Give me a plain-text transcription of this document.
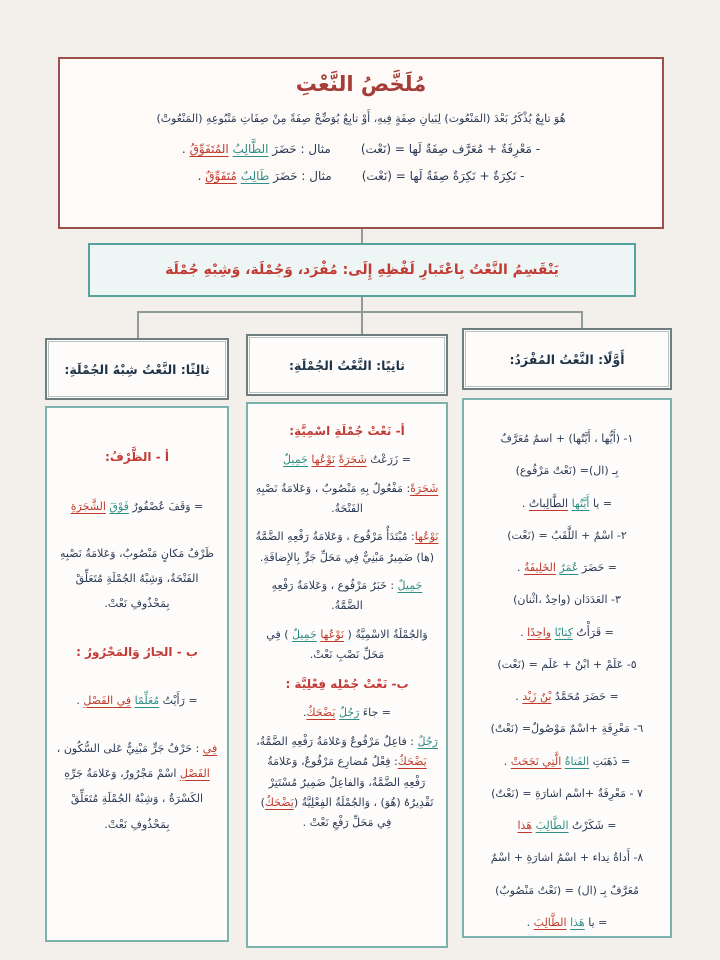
مُلَخَّصُ النَّعْتِ
هُوَ تابِعٌ يُذْكَرُ بَعْدَ (المَنْعُوت) لِبَيانِ صِفَةٍ فِيهِ، أَوْ تابِعٌ يُوَضِّحْ صِفَةً مِنْ صِفَاتِ مَتْبُوعِهِ (المَنْعُوتْ)
- مَعْرِفَةٌ + مُعَرَّف صِفَةٌ لَها = (نَعْت)مثال : حَضَرَ الطَّالِبُ المُتَفَوِّقُ .
- نَكِرَةٌ + نَكِرَةٌ صِفَةٌ لَها = (نَعْت)مثال : حَضَرَ طَالِبٌ مُتَفَوِّقٌ .
يَنْقَسِمُ النَّعْتُ بِاعْتَبارِ لَفْظِهِ إِلَى: مُفْرَد، وَجُمْلَة، وَشِبْهِ جُمْلَة
أَوَّلًا: النَّعْتُ المُفْرَدُ:
ثانِيًا: النَّعْتُ الجُمْلَةِ:
ثالِثًا: النَّعْتُ شِبْهُ الجُمْلَةِ:
١- (أَيُّها ، أَيَّتُها) + اسمٌ مُعَرَّفٌ
بِـ (ال)= (نَعْتٌ مَرْفُوع)
= يا أَيَّتُها الطَّالِباتُ .
٢- اسْمٌ + اللَّقَبُ = (نَعْت)
= حَضَرَ عُمَرُ الخَلِيفَةُ .
٣- العَدَدَان (واحِدٌ ،اثْنان)
= قَرَأْتُ كِتابًا واحِدًا .
٥- عَلَمْ + ابْنُ + عَلَم = (نَعْت)
= حَضَرَ مُحَمَّدُ بْنُ زَيْد .
٦- مَعْرِفَةِ +اسْمٌ مَوْصُولٌ= (نَعْتٌ)
= ذَهَبَتِ الفَتاةُ الَّتِي نَجَحَتْ .
٧ - مَعْرِفَةٌ +اسْم اشارَةِ = (نَعْتٌ)
= شَكَرْتُ الطَّالِبَ هَذا
٨- أَداةُ نِداء + اسْمُ اشارَةِ + اسْمٌ
مُعَرَّفٌ بِـ (ال) = (نَعْتٌ مَنْصُوبٌ)
= يا هَذا الطَّالِبَ .
أ- نَعْتْ جُمْلَةِ اسْمِيَّةِ:
= زَرَعْتُ شَجَرَةً نَوْعُها جَمِيلٌ
شَجَرَةً: مَفْعُولٌ بِهِ مَنْصُوبٌ ، وَعَلامَةُ نَصْبِهِ الفَتْحَةُ.
نَوْعُها: مُبْتَدَأٌ مَرْفُوع ، وَعَلامَةُ رَفْعِهِ الضَّمَّةُ (ها) ضَمِيرٌ مَبْنِيٌّ فِي مَحَلِّ جَرٍّ بِالإِضافَةِ.
جَمِيلٌ : خَبَرٌ مَرْفُوع ، وَعَلامَةُ رَفْعِهِ الضَّمَّةُ.
وَالجُمْلَةُ الاسْمِيَّةُ ( نَوْعُها جَمِيلٌ ) فِي مَحَلِّ نَصْبِ نَعْتْ.
ب- نَعْتْ جُمْلِه فِعْلِيَّة :
= جاءَ رَجُلٌ يَضْحَكُ.
رَجُلٌ : فاعِلٌ مَرْفُوعٌ وَعَلامَةُ رَفْعِهِ الضَّمَّةُ، يَضْحَكُ: فِعْلٌ مُضارِع مَرْفُوعٌ، وَعَلامَةُ رَفْعِهِ الضَّمَّةُ، وَالفاعِلُ ضَمِيرٌ مُسْتَتِرْ تَقْدِيرُهُ (هُوَ) ، وَالجُمْلَةُ الفِعْلِيَّةُ (يَضْحَكُ) فِي مَحَلِّ رَفْعِ نَعْتْ .
أ - الظَّرْفُ:
= وَقَفَ عُصْفُورٌ فَوْقَ الشَّجَرَةِ
ظَرْفُ مَكانٍ مَنْصُوبٌ، وَعَلامَةُ نَصْبِهِ الفَتْحَةُ، وَشِبْهُ الجُمْلَةِ مُتَعَلِّقْ بِمَحْذُوفِ نَعْتْ.
ب - الجارُ وَالمَجْرُورُ :
= رَأَيْتُ مُعَلِّمًا فِي الفَصْلِ .
فِي : حَرْفُ جَرٍّ مَبْنِيٌّ عَلى السُّكُون ، الفَصْلِ اسْمْ مَجْرُورٌ، وَعَلامَةُ جَرِّهِ الكَسْرَةُ ، وَشِبْهُ الجُمْلَةِ مُتَعَلِّقْ بِمَحْذُوفِ نَعْتْ.
